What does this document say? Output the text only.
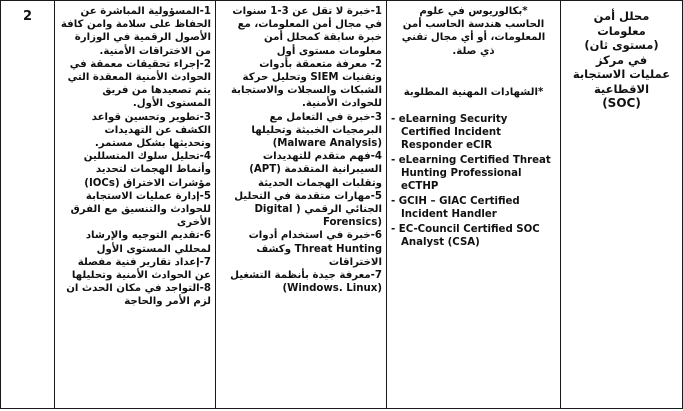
2	1-المسؤولية المباشرة عن
الحفاظ على سلامة وامن كافة
الأصول الرقمية في الوزارة
من الاختراقات الأمنية.
2-إجراء تحقيقات معمقة في
الحوادث الأمنية المعقدة التي
يتم تصعيدها من فريق
المستوى الأول.
3-تطوير وتحسين قواعد
الكشف عن التهديدات
وتحديثها بشكل مستمر.
4-تحليل سلوك المتسللين
وأنماط الهجمات لتحديد
مؤشرات الاختراق (IOCs)
5-إدارة عمليات الاستجابة
للحوادث والتنسيق مع الفرق
الأخرى
6-تقديم التوجيه والإرشاد
لمحللي المستوى الأول
7-إعداد تقارير فنية مفصلة
عن الحوادث الأمنية وتحليلها
8-التواجد في مكان الحدث ان
لزم الأمر والحاجة

1-خبرة لا تقل عن 3-1 سنوات
في مجال أمن المعلومات، مع
خبرة سابقة كمحلل أمن
معلومات مستوى أول
2- معرفة متعمقة بأدوات
وتقنيات SIEM وتحليل حركة
الشبكات والسجلات والاستجابة
للحوادث الأمنية.
3-خبرة في التعامل مع
البرمجيات الخبيثة وتحليلها
(Malware Analysis)
4-فهم متقدم للتهديدات
السيبرانية المتقدمة (APT)
وتقلبات الهجمات الحديثة
5-مهارات متقدمة في التحليل
الجنائي الرقمي ( Digital
(Forensics
6-خبرة في استخدام أدوات
Threat Hunting وكشف
الاختراقات
7-معرفة جيدة بأنظمة التشغيل
(Windows. Linux)

*بكالوريوس في علوم
الحاسب هندسة الحاسب أمن
المعلومات، أو أي مجال تقني
ذي صلة.
*الشهادات المهنية المطلوبة
- eLearning Security Certified Incident Responder eCIR
- eLearning Certified Threat Hunting Professional eCTHP
- GCIH – GIAC Certified Incident Handler
- EC-Council Certified SOC Analyst (CSA)

محلل أمن
معلومات
(مستوى ثان)
في مركز
عمليات الاستجابة
الاقطاعية
(SOC)
